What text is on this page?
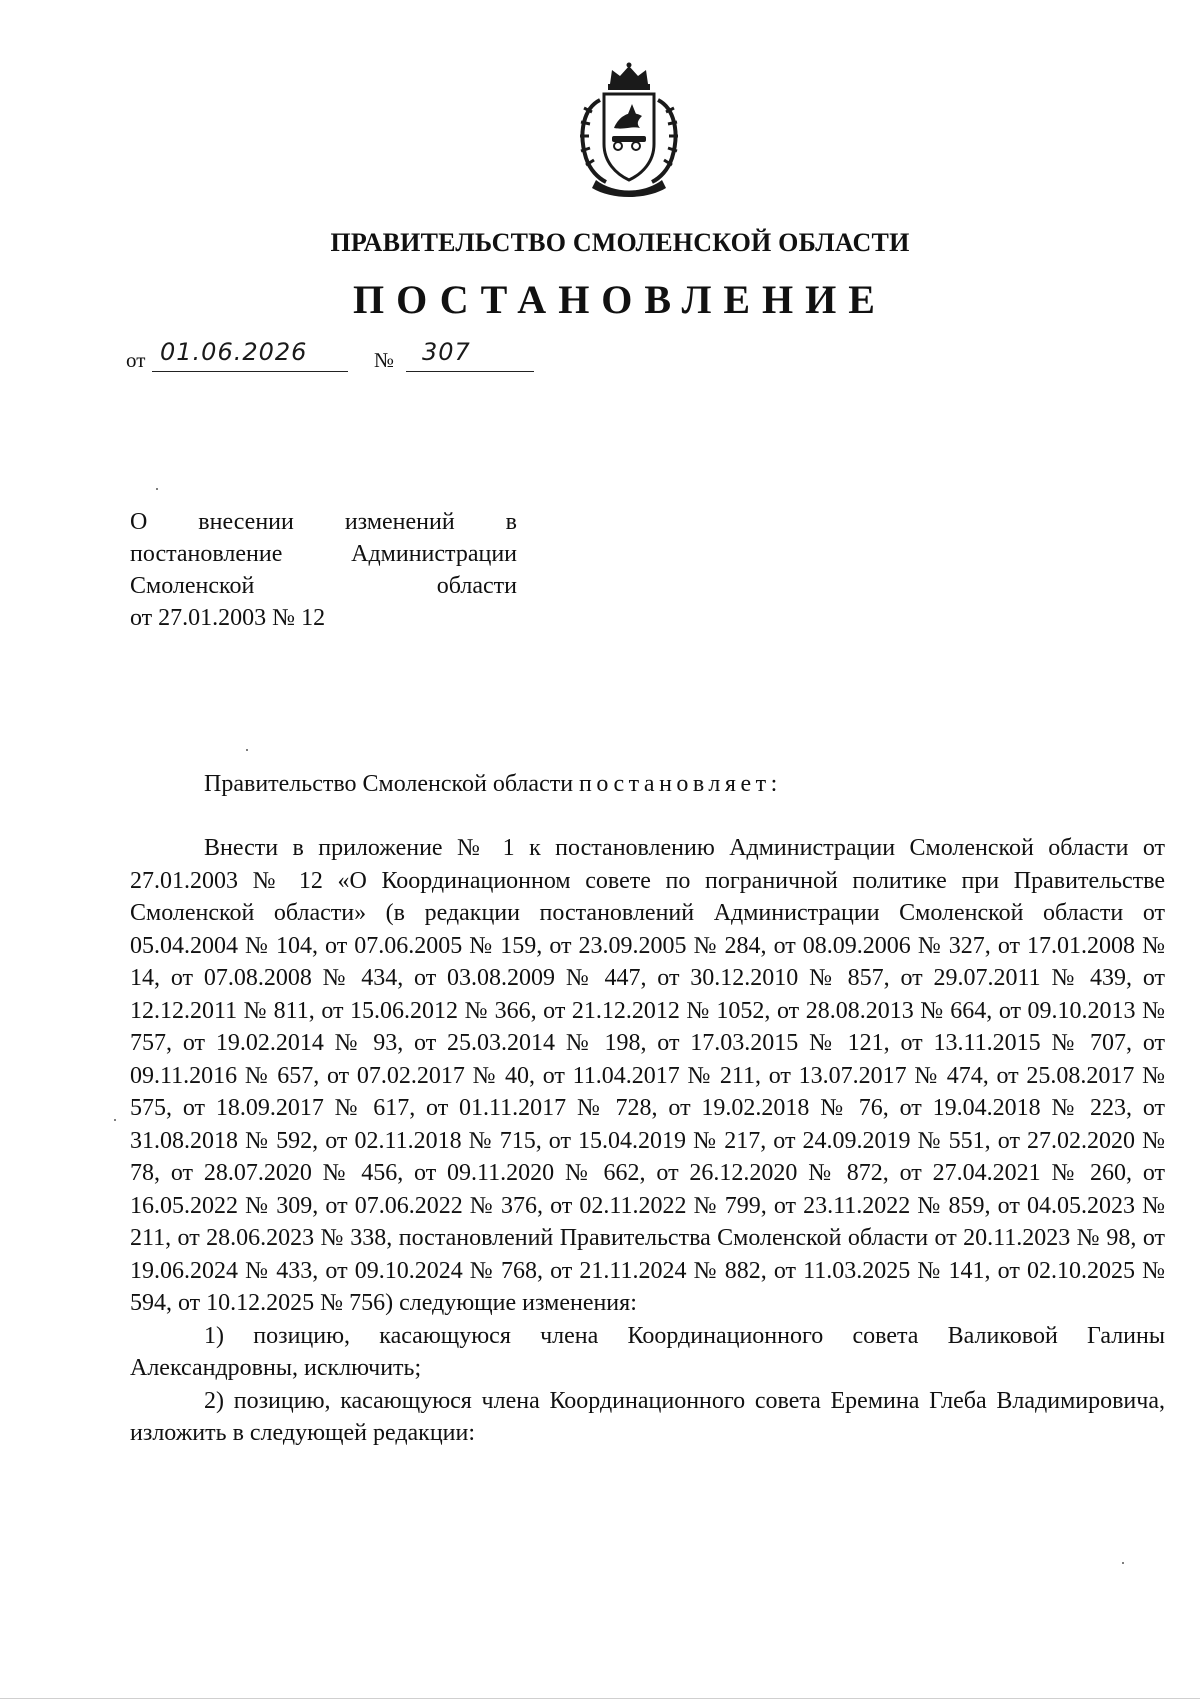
ПРАВИТЕЛЬСТВО СМОЛЕНСКОЙ ОБЛАСТИ
ПОСТАНОВЛЕНИЕ
от 01.06.2026	№ 307
О внесении изменений в
постановление Администрации
Смоленской области
от 27.01.2003 № 12
Правительство Смоленской области постановляет:

Внести в приложение № 1 к постановлению Администрации Смоленской области от 27.01.2003 № 12 «О Координационном совете по пограничной политике при Правительстве Смоленской области» (в редакции постановлений Администрации Смоленской области от 05.04.2004 № 104, от 07.06.2005 № 159, от 23.09.2005 № 284, от 08.09.2006 № 327, от 17.01.2008 № 14, от 07.08.2008 № 434, от 03.08.2009 № 447, от 30.12.2010 № 857, от 29.07.2011 № 439, от 12.12.2011 № 811, от 15.06.2012 № 366, от 21.12.2012 № 1052, от 28.08.2013 № 664, от 09.10.2013 № 757, от 19.02.2014 № 93, от 25.03.2014 № 198, от 17.03.2015 № 121, от 13.11.2015 № 707, от 09.11.2016 № 657, от 07.02.2017 № 40, от 11.04.2017 № 211, от 13.07.2017 № 474, от 25.08.2017 № 575, от 18.09.2017 № 617, от 01.11.2017 № 728, от 19.02.2018 № 76, от 19.04.2018 № 223, от 31.08.2018 № 592, от 02.11.2018 № 715, от 15.04.2019 № 217, от 24.09.2019 № 551, от 27.02.2020 № 78, от 28.07.2020 № 456, от 09.11.2020 № 662, от 26.12.2020 № 872, от 27.04.2021 № 260, от 16.05.2022 № 309, от 07.06.2022 № 376, от 02.11.2022 № 799, от 23.11.2022 № 859, от 04.05.2023 № 211, от 28.06.2023 № 338, постановлений Правительства Смоленской области от 20.11.2023 № 98, от 19.06.2024 № 433, от 09.10.2024 № 768, от 21.11.2024 № 882, от 11.03.2025 № 141, от 02.10.2025 № 594, от 10.12.2025 № 756) следующие изменения:

1) позицию, касающуюся члена Координационного совета Валиковой Галины Александровны, исключить;

2) позицию, касающуюся члена Координационного совета Еремина Глеба Владимировича, изложить в следующей редакции:
